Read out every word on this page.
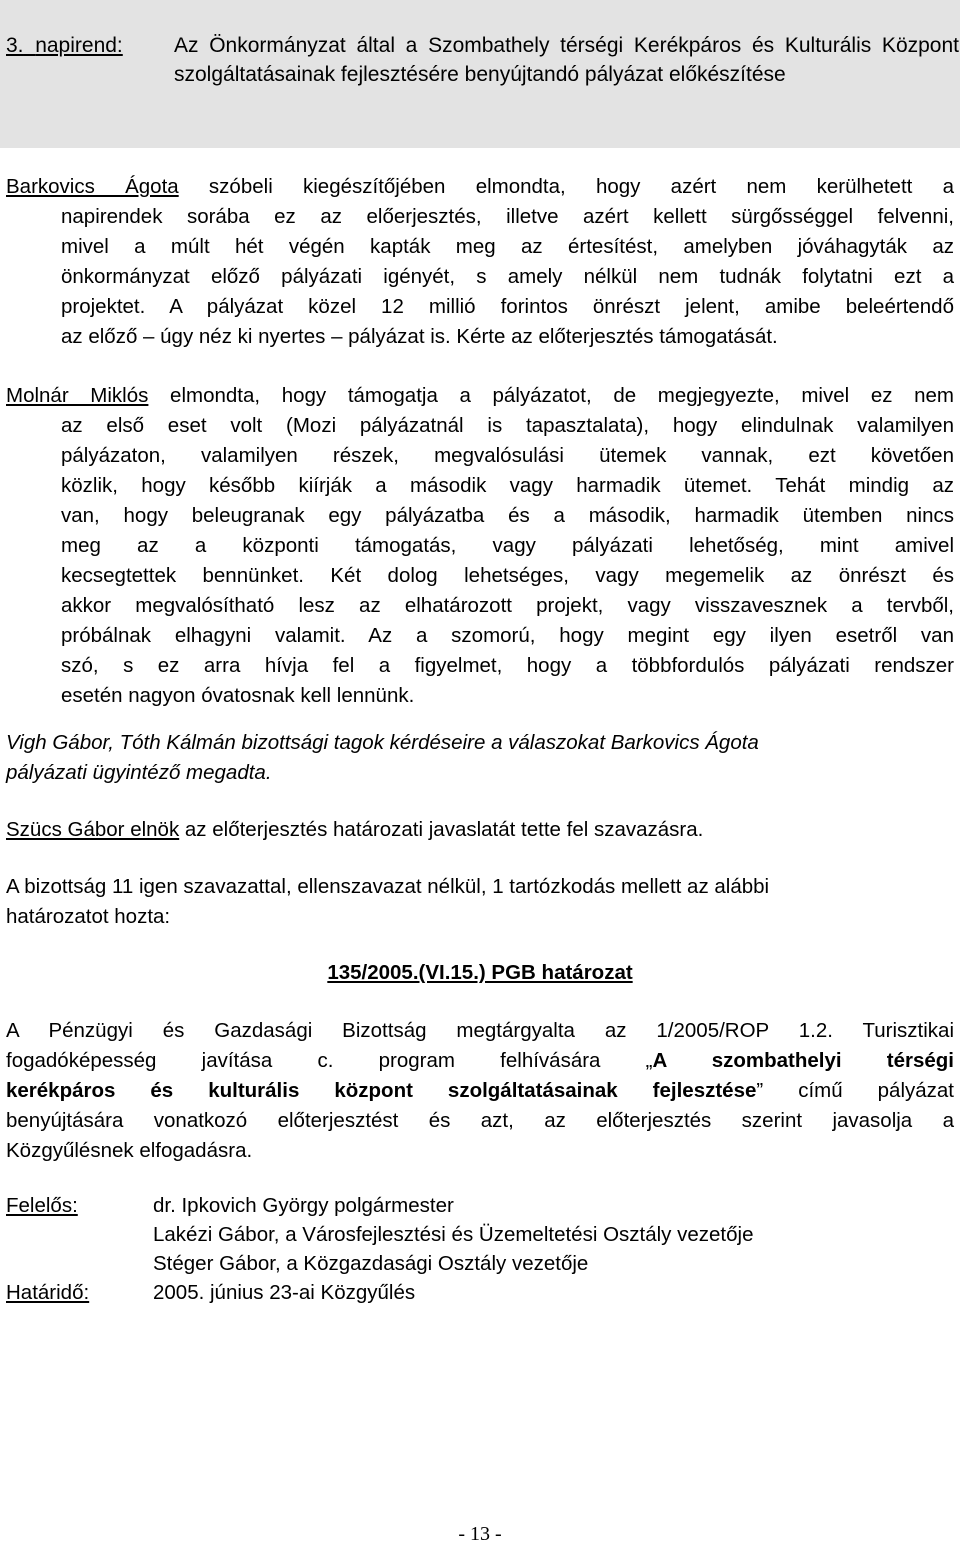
3. napirend: Az Önkormányzat által a Szombathely térségi Kerékpáros és Kulturális Központ szolgáltatásainak fejlesztésére benyújtandó pályázat előkészítése
Barkovics Ágota szóbeli kiegészítőjében elmondta, hogy azért nem kerülhetett a
napirendek sorába ez az előerjesztés, illetve azért kellett sürgősséggel felvenni,
mivel a múlt hét végén kapták meg az értesítést, amelyben jóváhagyták az
önkormányzat előző pályázati igényét, s amely nélkül nem tudnák folytatni ezt a
projektet. A pályázat közel 12 millió forintos önrészt jelent, amibe beleértendő
az előző – úgy néz ki nyertes – pályázat is. Kérte az előterjesztés támogatását.
Molnár Miklós elmondta, hogy támogatja a pályázatot, de megjegyezte, mivel ez nem
az első eset volt (Mozi pályázatnál is tapasztalata), hogy elindulnak valamilyen
pályázaton, valamilyen részek, megvalósulási ütemek vannak, ezt követően
közlik, hogy később kiírják a második vagy harmadik ütemet. Tehát mindig az
van, hogy beleugranak egy pályázatba és a második, harmadik ütemben nincs
meg az a központi támogatás, vagy pályázati lehetőség, mint amivel
kecsegtettek bennünket. Két dolog lehetséges, vagy megemelik az önrészt és
akkor megvalósítható lesz az elhatározott projekt, vagy visszavesznek a tervből,
próbálnak elhagyni valamit. Az a szomorú, hogy megint egy ilyen esetről van
szó, s ez arra hívja fel a figyelmet, hogy a többfordulós pályázati rendszer
esetén nagyon óvatosnak kell lennünk.
Vigh Gábor, Tóth Kálmán bizottsági tagok kérdéseire a válaszokat Barkovics Ágota
pályázati ügyintéző megadta.
Szücs Gábor elnök az előterjesztés határozati javaslatát tette fel szavazásra.
A bizottság 11 igen szavazattal, ellenszavazat nélkül, 1 tartózkodás mellett az alábbi
határozatot hozta:
135/2005.(VI.15.) PGB határozat
A Pénzügyi és Gazdasági Bizottság megtárgyalta az 1/2005/ROP 1.2. Turisztikai
fogadóképesség javítása c. program felhívására „A szombathelyi térségi
kerékpáros és kulturális központ szolgáltatásainak fejlesztése” című pályázat
benyújtására vonatkozó előterjesztést és azt, az előterjesztés szerint javasolja a
Közgyűlésnek elfogadásra.
Felelős:	dr. Ipkovich György polgármester
Lakézi Gábor, a Városfejlesztési és Üzemeltetési Osztály vezetője
Stéger Gábor, a Közgazdasági Osztály vezetője
Határidő:	2005. június 23-ai Közgyűlés
- 13 -
